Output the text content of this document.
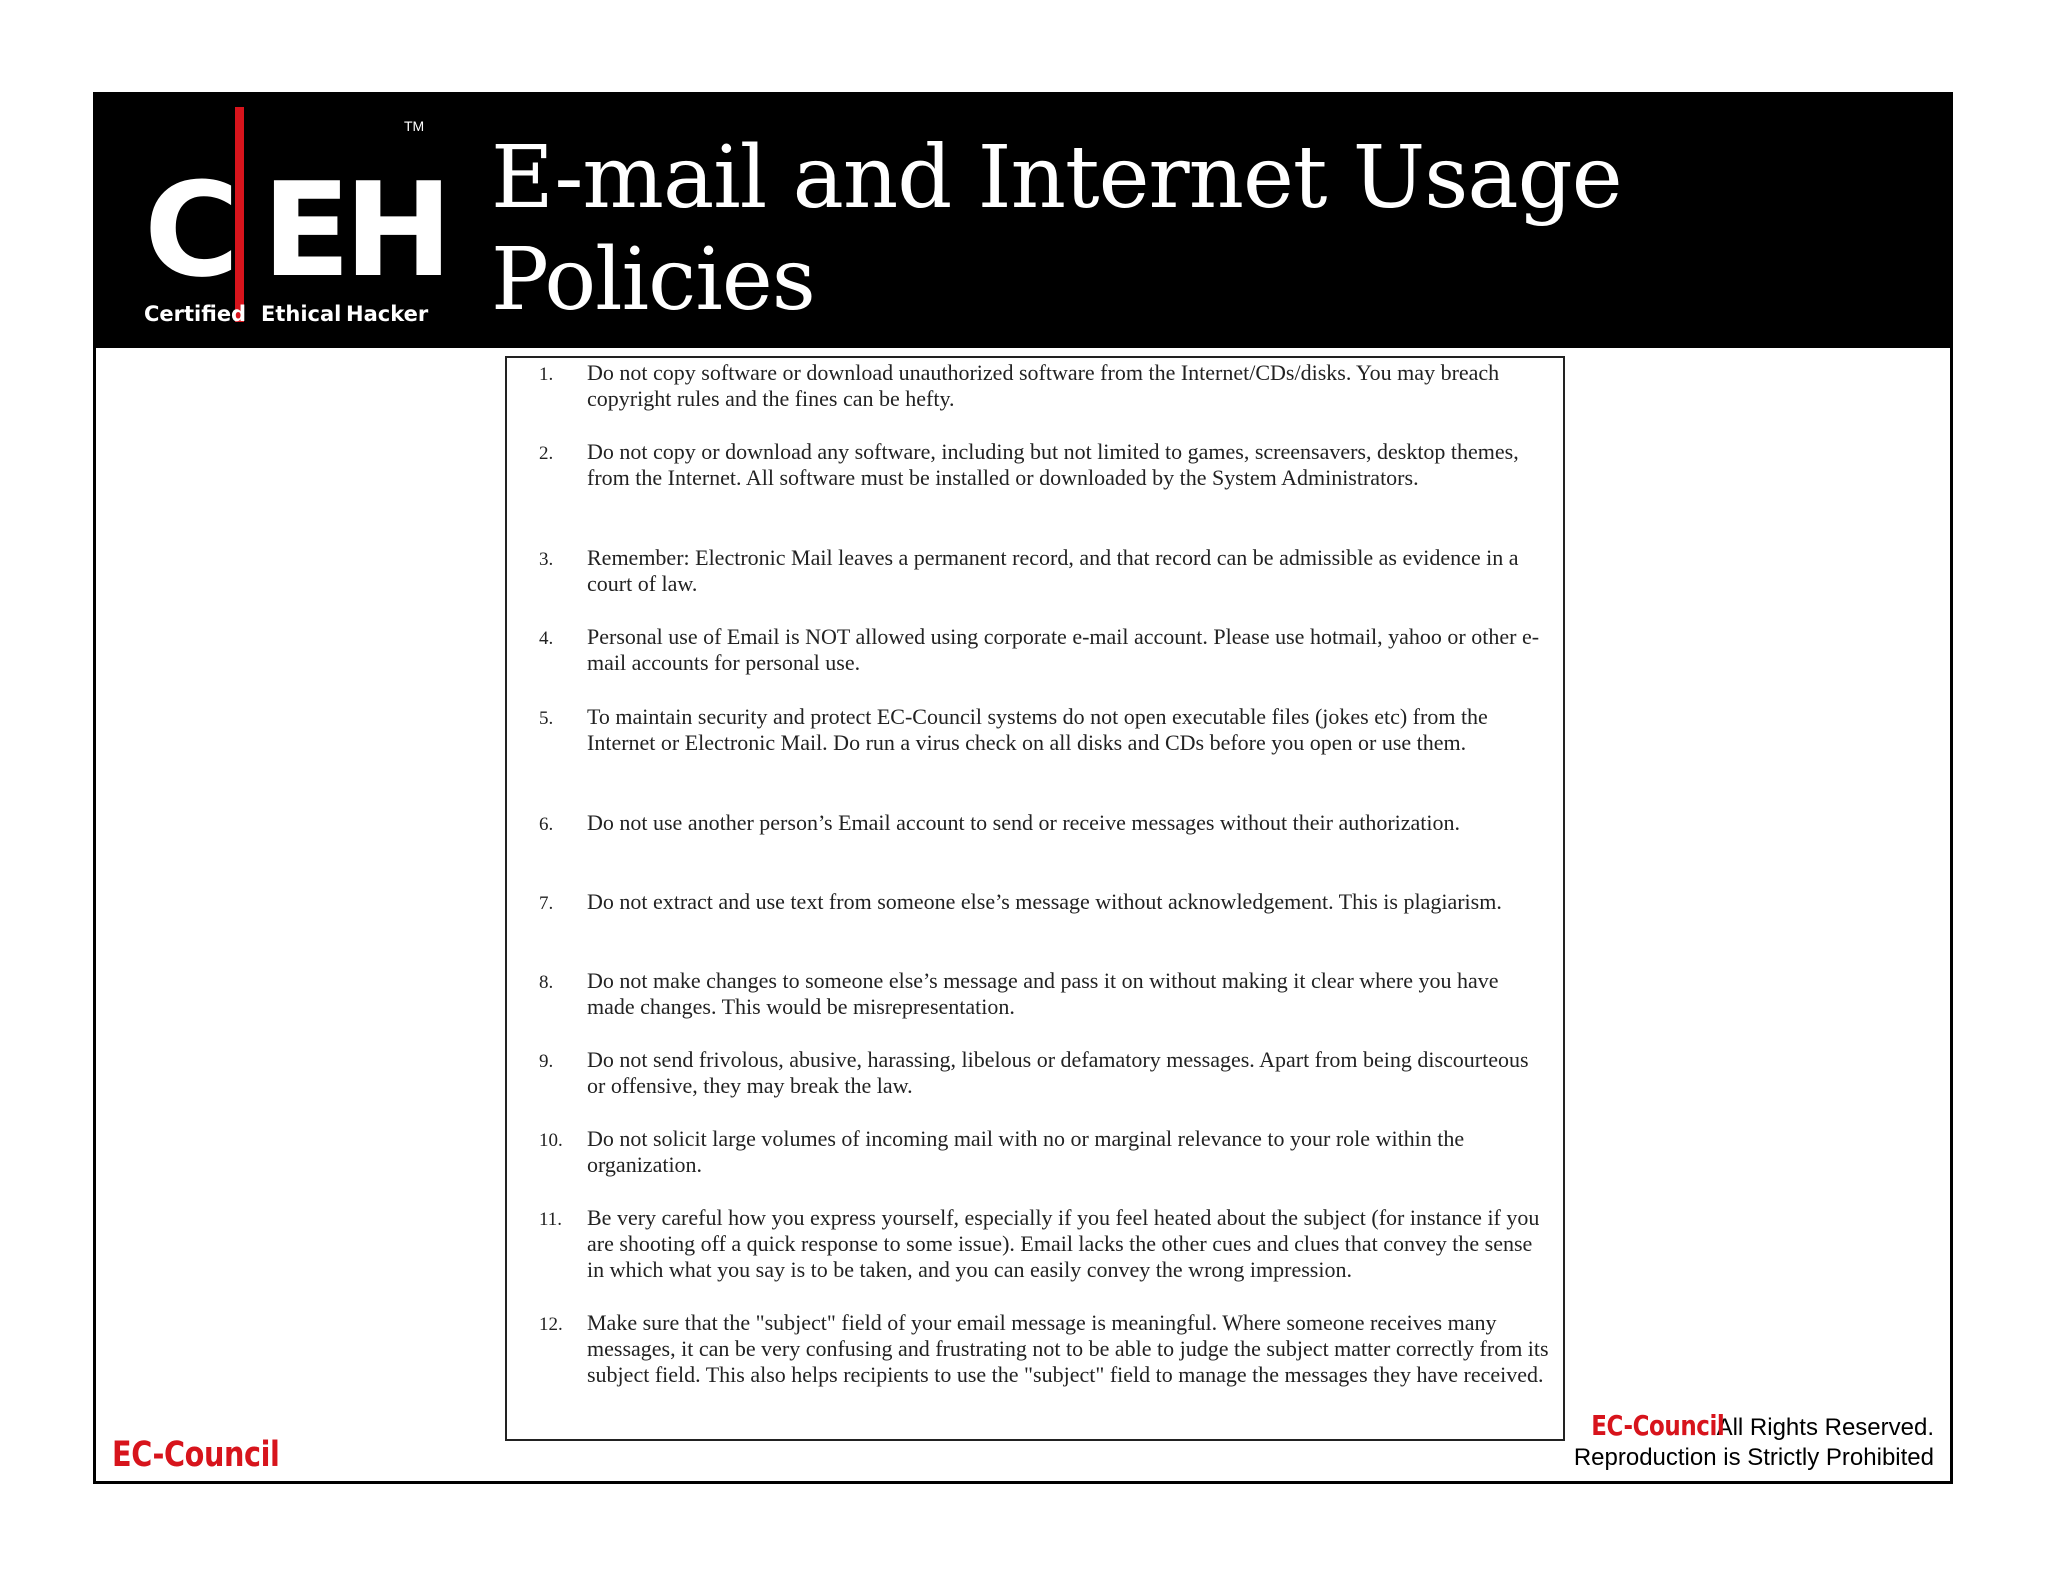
C E
H
TM
Certified Ethical Hacker
E-mail and Internet Usage
Policies
1.	Do not copy software or download unauthorized software from the Internet/CDs/disks. You may breach copyright rules and the fines can be hefty.
2.	Do not copy or download any software, including but not limited to games, screensavers, desktop themes, from the Internet. All software must be installed or downloaded by the System Administrators.
3.	Remember: Electronic Mail leaves a permanent record, and that record can be admissible as evidence in a court of law.
4.	Personal use of Email is NOT allowed using corporate e-mail account. Please use hotmail, yahoo or other e-mail accounts for personal use.
5.	To maintain security and protect EC-Council systems do not open executable files (jokes etc) from the Internet or Electronic Mail. Do run a virus check on all disks and CDs before you open or use them.
6.	Do not use another person’s Email account to send or receive messages without their authorization.
7.	Do not extract and use text from someone else’s message without acknowledgement. This is plagiarism.
8.	Do not make changes to someone else’s message and pass it on without making it clear where you have made changes. This would be misrepresentation.
9.	Do not send frivolous, abusive, harassing, libelous or defamatory messages. Apart from being discourteous or offensive, they may break the law.
10.	Do not solicit large volumes of incoming mail with no or marginal relevance to your role within the organization.
11.	Be very careful how you express yourself, especially if you feel heated about the subject (for instance if you are shooting off a quick response to some issue). Email lacks the other cues and clues that convey the sense in which what you say is to be taken, and you can easily convey the wrong impression.
12.	Make sure that the "subject" field of your email message is meaningful. Where someone receives many messages, it can be very confusing and frustrating not to be able to judge the subject matter correctly from its subject field. This also helps recipients to use the "subject" field to manage the messages they have received.

EC-Council

EC-Council
All Rights Reserved.
Reproduction is Strictly Prohibited
